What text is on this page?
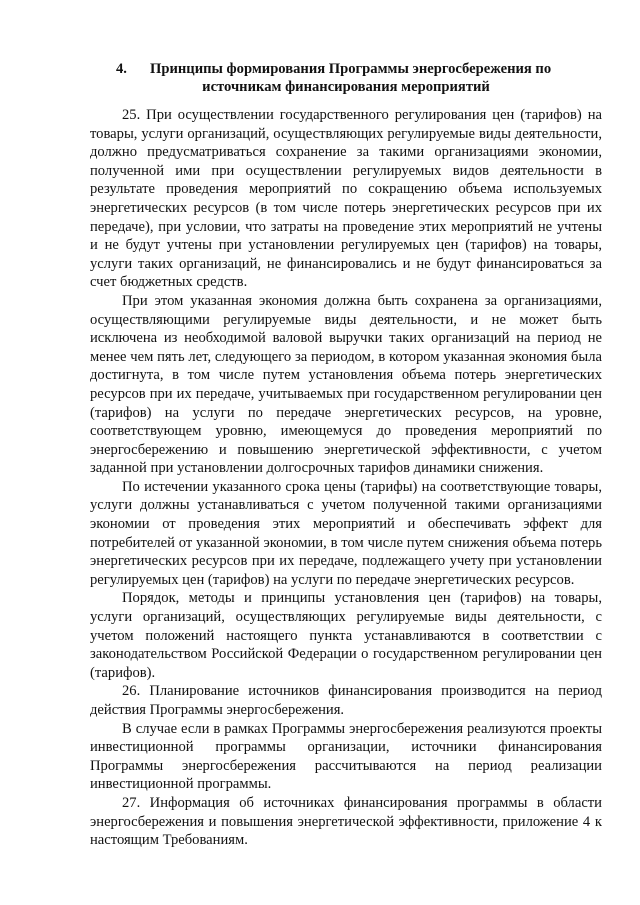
4.	Принципы формирования Программы энергосбережения по
источникам финансирования мероприятий

25. При осуществлении государственного регулирования цен (тарифов) на товары, услуги организаций, осуществляющих регулируемые виды деятельности, должно предусматриваться сохранение за такими организациями экономии, полученной ими при осуществлении регулируемых видов деятельности в результате проведения мероприятий по сокращению объема используемых энергетических ресурсов (в том числе потерь энергетических ресурсов при их передаче), при условии, что затраты на проведение этих мероприятий не учтены и не будут учтены при установлении регулируемых цен (тарифов) на товары, услуги таких организаций, не финансировались и не будут финансироваться за счет бюджетных средств.

При этом указанная экономия должна быть сохранена за организациями, осуществляющими регулируемые виды деятельности, и не может быть исключена из необходимой валовой выручки таких организаций на период не менее чем пять лет, следующего за периодом, в котором указанная экономия была достигнута, в том числе путем установления объема потерь энергетических ресурсов при их передаче, учитываемых при государственном регулировании цен (тарифов) на услуги по передаче энергетических ресурсов, на уровне, соответствующем уровню, имеющемуся до проведения мероприятий по энергосбережению и повышению энергетической эффективности, с учетом заданной при установлении долгосрочных тарифов динамики снижения.

По истечении указанного срока цены (тарифы) на соответствующие товары, услуги должны устанавливаться с учетом полученной такими организациями экономии от проведения этих мероприятий и обеспечивать эффект для потребителей от указанной экономии, в том числе путем снижения объема потерь энергетических ресурсов при их передаче, подлежащего учету при установлении регулируемых цен (тарифов) на услуги по передаче энергетических ресурсов.

Порядок, методы и принципы установления цен (тарифов) на товары, услуги организаций, осуществляющих регулируемые виды деятельности, с учетом положений настоящего пункта устанавливаются в соответствии с законодательством Российской Федерации о государственном регулировании цен (тарифов).

26. Планирование источников финансирования производится на период действия Программы энергосбережения.

В случае если в рамках Программы энергосбережения реализуются проекты инвестиционной программы организации, источники финансирования Программы энергосбережения рассчитываются на период реализации инвестиционной программы.

27. Информация об источниках финансирования программы в области энергосбережения и повышения энергетической эффективности, приложение 4 к настоящим Требованиям.
